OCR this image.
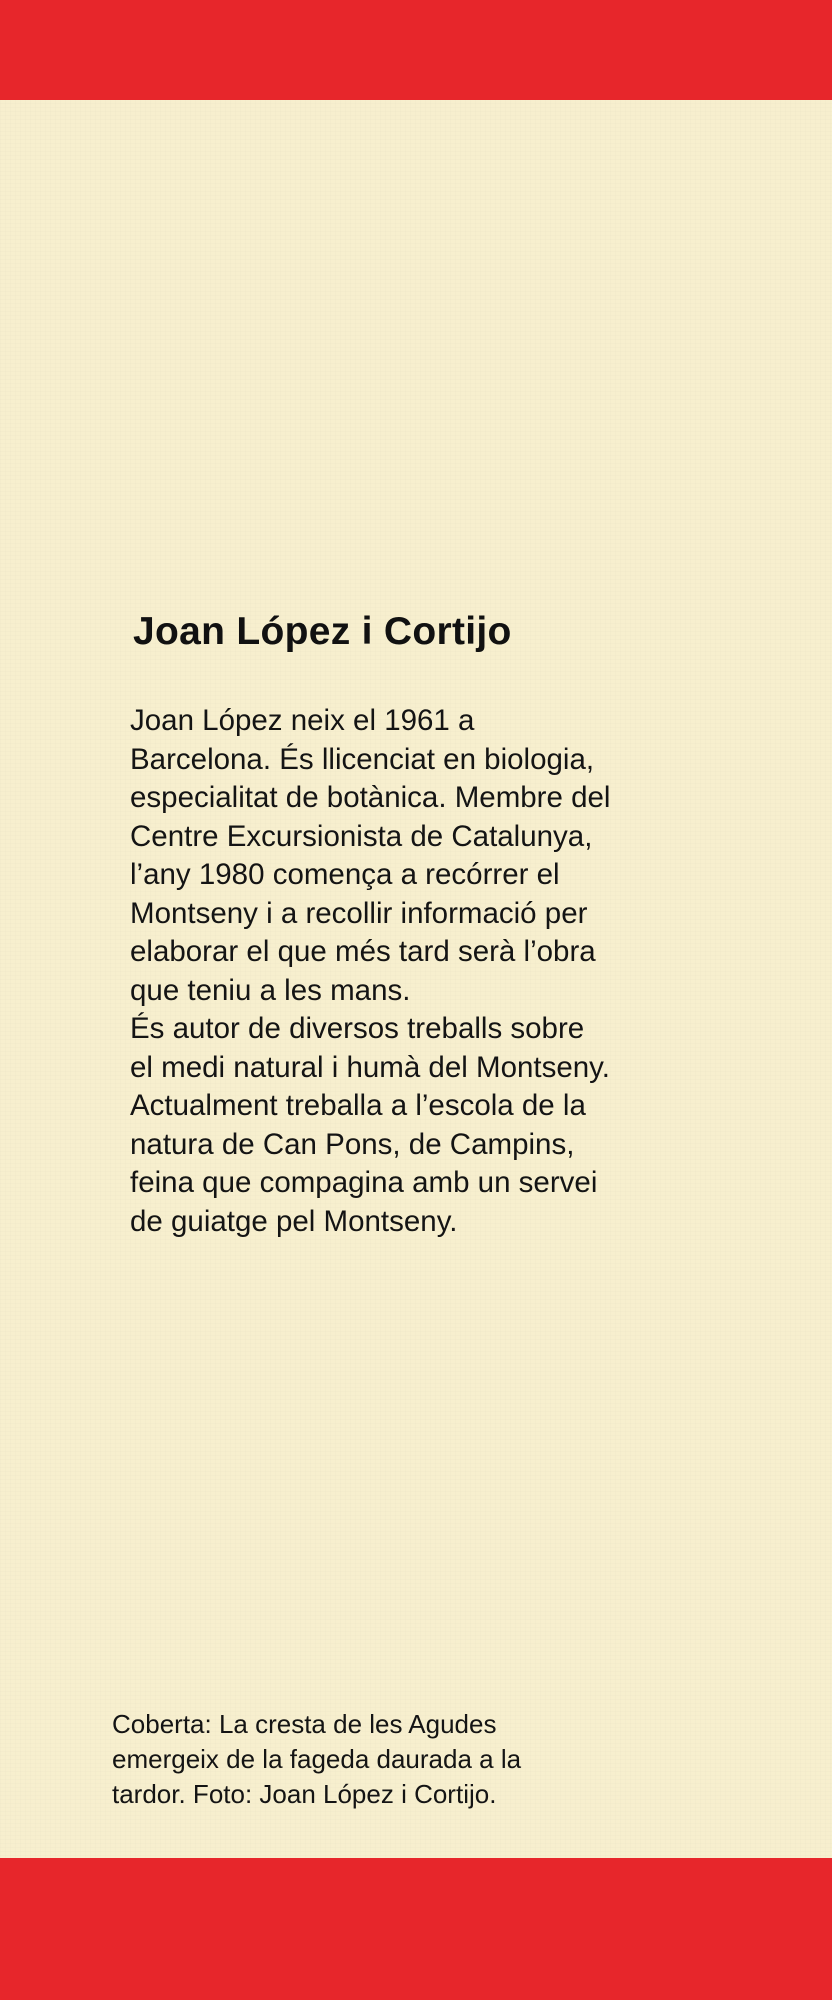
Joan López i Cortijo
Joan López neix el 1961 a
Barcelona. És llicenciat en biologia,
especialitat de botànica. Membre del
Centre Excursionista de Catalunya,
l’any 1980 comença a recórrer el
Montseny i a recollir informació per
elaborar el que més tard serà l’obra
que teniu a les mans.
És autor de diversos treballs sobre
el medi natural i humà del Montseny.
Actualment treballa a l’escola de la
natura de Can Pons, de Campins,
feina que compagina amb un servei
de guiatge pel Montseny.
Coberta: La cresta de les Agudes
emergeix de la fageda daurada a la
tardor. Foto: Joan López i Cortijo.
